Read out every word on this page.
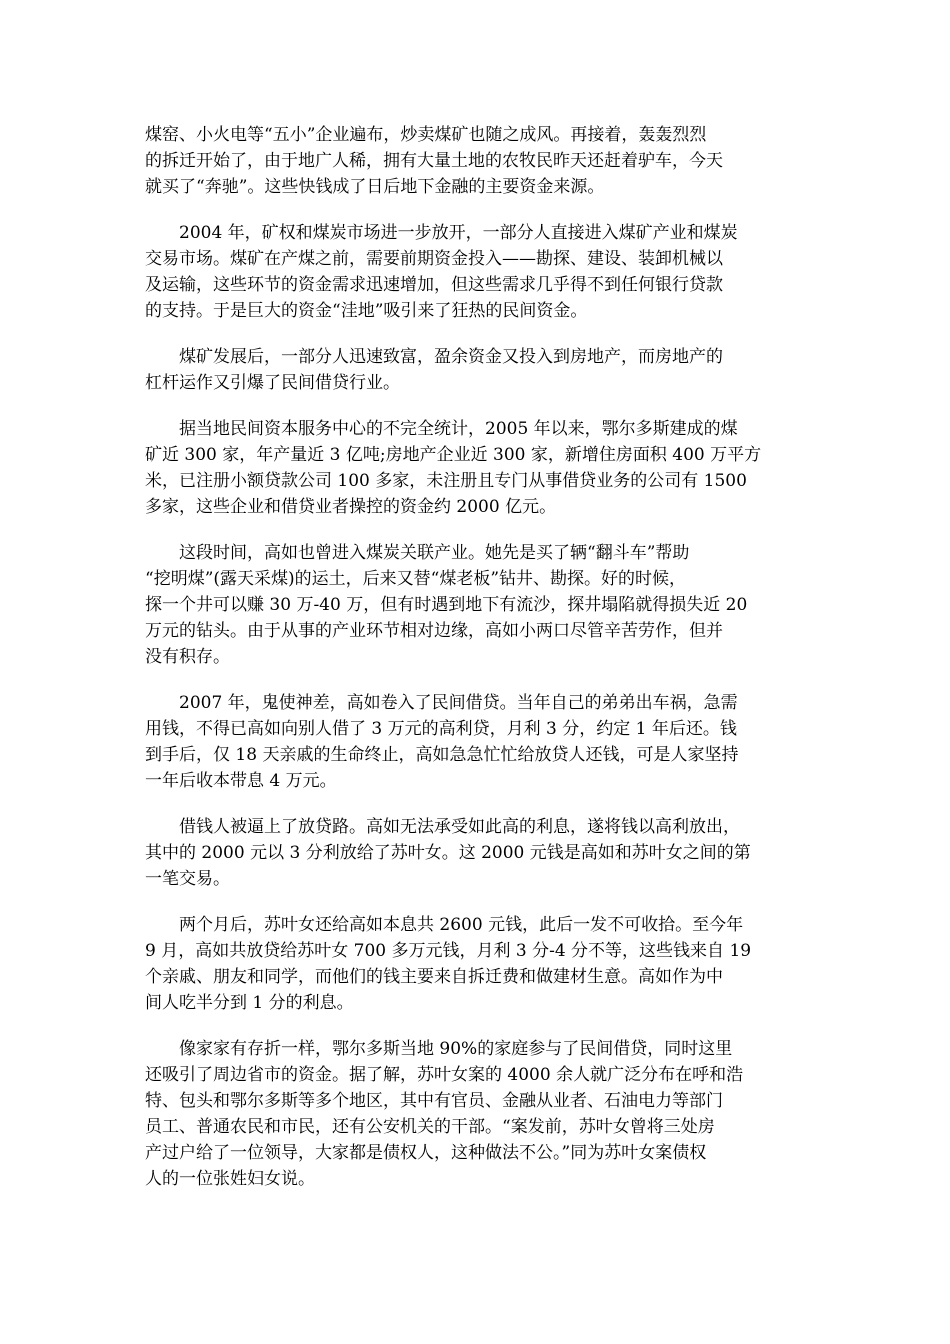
煤窑、小火电等“五小”企业遍布，炒卖煤矿也随之成风。再接着，轰轰烈烈
的拆迁开始了，由于地广人稀，拥有大量土地的农牧民昨天还赶着驴车，今天
就买了“奔驰”。这些快钱成了日后地下金融的主要资金来源。

2004 年，矿权和煤炭市场进一步放开，一部分人直接进入煤矿产业和煤炭
交易市场。煤矿在产煤之前，需要前期资金投入——勘探、建设、装卸机械以
及运输，这些环节的资金需求迅速增加，但这些需求几乎得不到任何银行贷款
的支持。于是巨大的资金“洼地”吸引来了狂热的民间资金。

煤矿发展后，一部分人迅速致富，盈余资金又投入到房地产，而房地产的
杠杆运作又引爆了民间借贷行业。

据当地民间资本服务中心的不完全统计，2005 年以来，鄂尔多斯建成的煤
矿近 300 家，年产量近 3 亿吨;房地产企业近 300 家，新增住房面积 400 万平方
米，已注册小额贷款公司 100 多家，未注册且专门从事借贷业务的公司有 1500
多家，这些企业和借贷业者操控的资金约 2000 亿元。

这段时间，高如也曾进入煤炭关联产业。她先是买了辆“翻斗车”帮助
“挖明煤”(露天采煤)的运土，后来又替“煤老板”钻井、勘探。好的时候，
探一个井可以赚 30 万-40 万，但有时遇到地下有流沙，探井塌陷就得损失近 20
万元的钻头。由于从事的产业环节相对边缘，高如小两口尽管辛苦劳作，但并
没有积存。

2007 年，鬼使神差，高如卷入了民间借贷。当年自己的弟弟出车祸，急需
用钱，不得已高如向别人借了 3 万元的高利贷，月利 3 分，约定 1 年后还。钱
到手后，仅 18 天亲戚的生命终止，高如急急忙忙给放贷人还钱，可是人家坚持
一年后收本带息 4 万元。

借钱人被逼上了放贷路。高如无法承受如此高的利息，遂将钱以高利放出，
其中的 2000 元以 3 分利放给了苏叶女。这 2000 元钱是高如和苏叶女之间的第
一笔交易。

两个月后，苏叶女还给高如本息共 2600 元钱，此后一发不可收拾。至今年
9 月，高如共放贷给苏叶女 700 多万元钱，月利 3 分-4 分不等，这些钱来自 19
个亲戚、朋友和同学，而他们的钱主要来自拆迁费和做建材生意。高如作为中
间人吃半分到 1 分的利息。

像家家有存折一样，鄂尔多斯当地 90%的家庭参与了民间借贷，同时这里
还吸引了周边省市的资金。据了解，苏叶女案的 4000 余人就广泛分布在呼和浩
特、包头和鄂尔多斯等多个地区，其中有官员、金融从业者、石油电力等部门
员工、普通农民和市民，还有公安机关的干部。“案发前，苏叶女曾将三处房
产过户给了一位领导，大家都是债权人，这种做法不公。”同为苏叶女案债权
人的一位张姓妇女说。
